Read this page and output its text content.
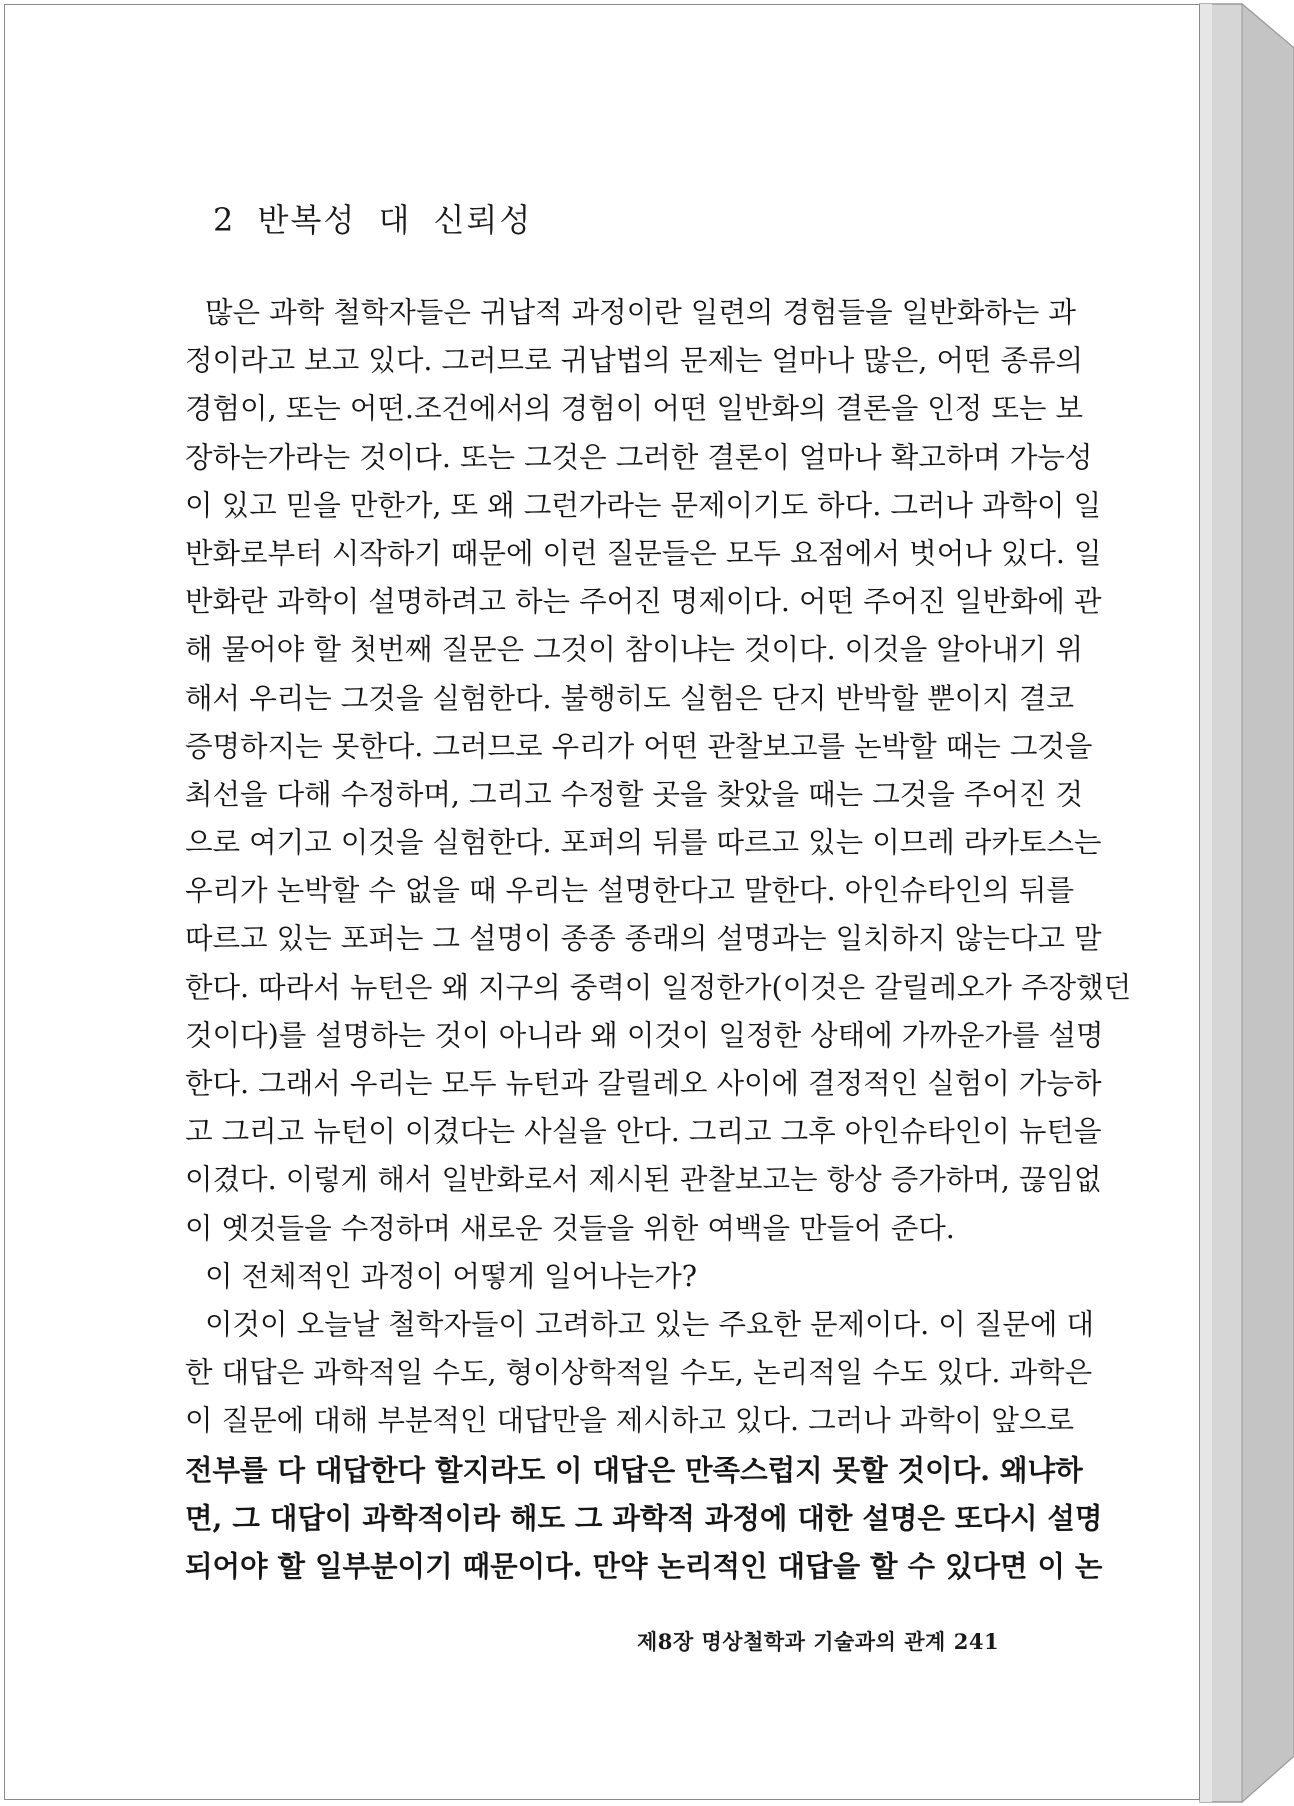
2 반복성 대 신뢰성
많은 과학 철학자들은 귀납적 과정이란 일련의 경험들을 일반화하는 과
정이라고 보고 있다. 그러므로 귀납법의 문제는 얼마나 많은, 어떤 종류의
경험이, 또는 어떤.조건에서의 경험이 어떤 일반화의 결론을 인정 또는 보
장하는가라는 것이다. 또는 그것은 그러한 결론이 얼마나 확고하며 가능성
이 있고 믿을 만한가, 또 왜 그런가라는 문제이기도 하다. 그러나 과학이 일
반화로부터 시작하기 때문에 이런 질문들은 모두 요점에서 벗어나 있다. 일
반화란 과학이 설명하려고 하는 주어진 명제이다. 어떤 주어진 일반화에 관
해 물어야 할 첫번째 질문은 그것이 참이냐는 것이다. 이것을 알아내기 위
해서 우리는 그것을 실험한다. 불행히도 실험은 단지 반박할 뿐이지 결코
증명하지는 못한다. 그러므로 우리가 어떤 관찰보고를 논박할 때는 그것을
최선을 다해 수정하며, 그리고 수정할 곳을 찾았을 때는 그것을 주어진 것
으로 여기고 이것을 실험한다. 포퍼의 뒤를 따르고 있는 이므레 라카토스는
우리가 논박할 수 없을 때 우리는 설명한다고 말한다. 아인슈타인의 뒤를
따르고 있는 포퍼는 그 설명이 종종 종래의 설명과는 일치하지 않는다고 말
한다. 따라서 뉴턴은 왜 지구의 중력이 일정한가(이것은 갈릴레오가 주장했던
것이다)를 설명하는 것이 아니라 왜 이것이 일정한 상태에 가까운가를 설명
한다. 그래서 우리는 모두 뉴턴과 갈릴레오 사이에 결정적인 실험이 가능하
고 그리고 뉴턴이 이겼다는 사실을 안다. 그리고 그후 아인슈타인이 뉴턴을
이겼다. 이렇게 해서 일반화로서 제시된 관찰보고는 항상 증가하며, 끊임없
이 옛것들을 수정하며 새로운 것들을 위한 여백을 만들어 준다.
이 전체적인 과정이 어떻게 일어나는가?
이것이 오늘날 철학자들이 고려하고 있는 주요한 문제이다. 이 질문에 대
한 대답은 과학적일 수도, 형이상학적일 수도, 논리적일 수도 있다. 과학은
이 질문에 대해 부분적인 대답만을 제시하고 있다. 그러나 과학이 앞으로
전부를 다 대답한다 할지라도 이 대답은 만족스럽지 못할 것이다. 왜냐하
면, 그 대답이 과학적이라 해도 그 과학적 과정에 대한 설명은 또다시 설명
되어야 할 일부분이기 때문이다. 만약 논리적인 대답을 할 수 있다면 이 논
제8장 명상철학과 기술과의 관계 241
